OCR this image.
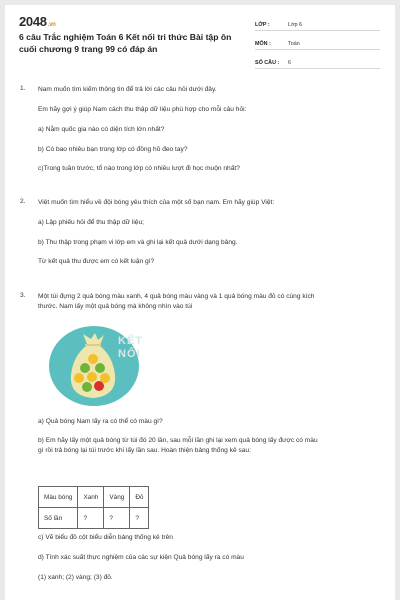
2048.vn
6 câu Trắc nghiệm Toán 6 Kết nối tri thức Bài tập ôn cuối chương 9 trang 99 có đáp án
LỚP :	Lớp 6
MÔN :	Toán
SỐ CÂU :	6
1. Nam muốn tìm kiếm thông tin để trả lời các câu hỏi dưới đây.
Em hãy gợi ý giúp Nam cách thu thập dữ liệu phù hợp cho mỗi câu hỏi:
a) Nằm quốc gia nào có diện tích lớn nhất?
b) Có bao nhiêu bạn trong lớp có đồng hồ đeo tay?
c)Trong tuần trước, tổ nào trong lớp có nhiều lượt đi học muộn nhất?
2. Việt muốn tìm hiểu về đội bóng yêu thích của một số bạn nam. Em hãy giúp Việt:
a) Lập phiếu hỏi để thu thập dữ liệu;
b) Thu thập trong phạm vi lớp em và ghi lại kết quả dưới dạng bảng.
Từ kết quả thu được em có kết luận gì?
3. Một túi đựng 2 quả bóng màu xanh, 4 quả bóng màu vàng và 1 quả bóng màu đỏ có cùng kích
thước. Nam lấy một quả bóng mà không nhìn vào túi
KẾT
NỐI
a) Quả bóng Nam lấy ra có thể có màu gì?
b) Em hãy lấy một quả bóng từ túi đó 20 lần, sau mỗi lần ghi lại xem quả bóng lấy được có màu
gì rồi trả bóng lại túi trước khi lấy lần sau. Hoàn thiện bảng thống kê sau:
Màu bóng	Xanh	Vàng	Đỏ
Số lần	?	?	?
c) Vẽ biểu đồ cột biểu diễn bảng thống kê trên
d) Tính xác suất thực nghiệm của các sự kiện Quả bóng lấy ra có màu
(1) xanh; (2) vàng; (3) đỏ.
